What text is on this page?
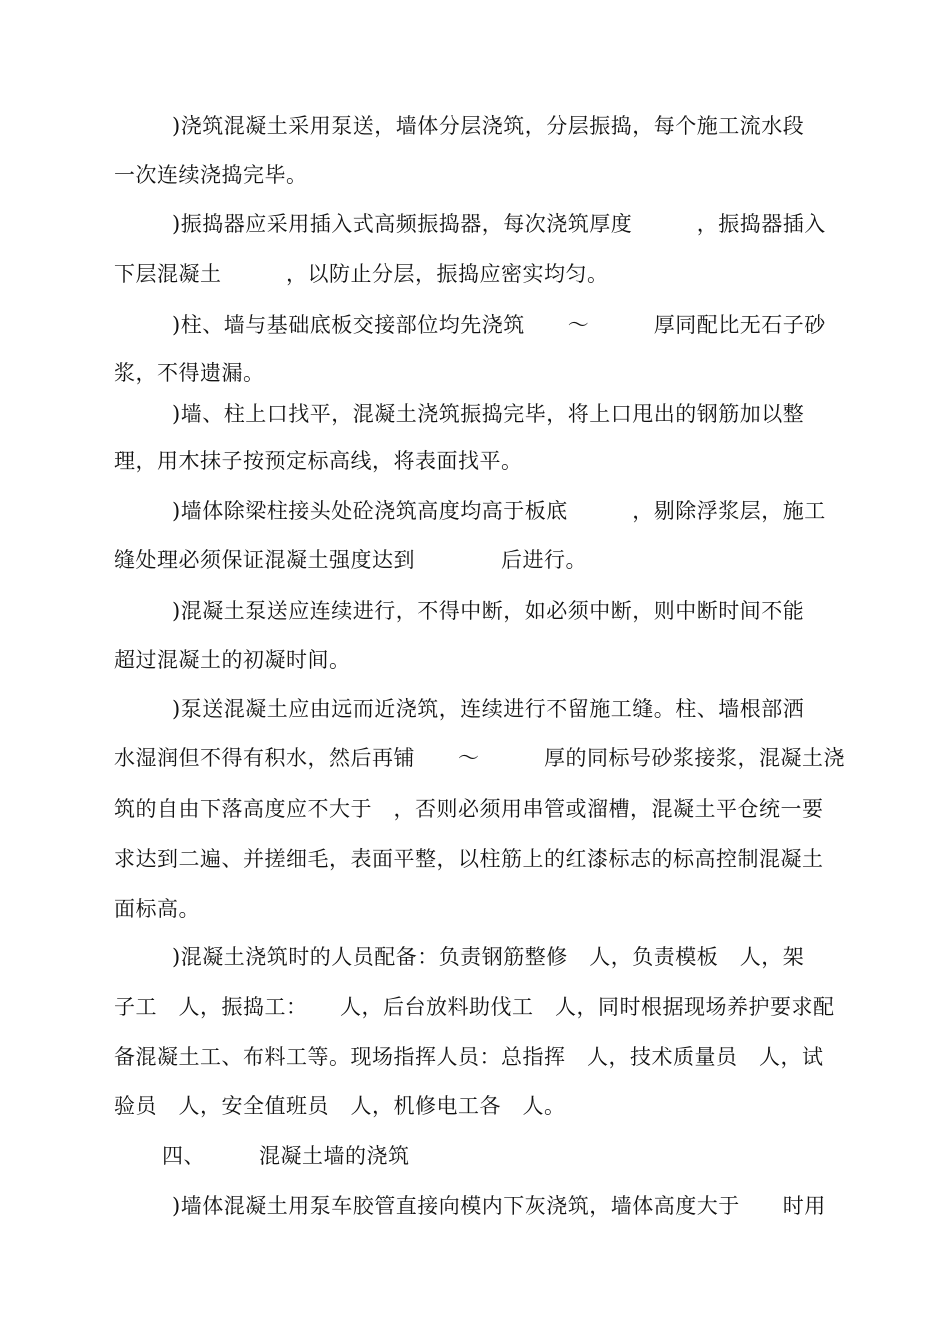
)浇筑混凝土采用泵送，墙体分层浇筑，分层振捣，每个施工流水段
一次连续浇捣完毕。
)振捣器应采用插入式高频振捣器，每次浇筑厚度　　　，振捣器插入
下层混凝土　　　，以防止分层，振捣应密实均匀。
)柱、墙与基础底板交接部位均先浇筑　　～　　　厚同配比无石子砂
浆，不得遗漏。
)墙、柱上口找平，混凝土浇筑振捣完毕，将上口甩出的钢筋加以整
理，用木抹子按预定标高线，将表面找平。
)墙体除梁柱接头处砼浇筑高度均高于板底　　　，剔除浮浆层，施工
缝处理必须保证混凝土强度达到　　　　后进行。
)混凝土泵送应连续进行，不得中断，如必须中断，则中断时间不能
超过混凝土的初凝时间。
)泵送混凝土应由远而近浇筑，连续进行不留施工缝。柱、墙根部洒
水湿润但不得有积水，然后再铺　　～　　　厚的同标号砂浆接浆，混凝土浇
筑的自由下落高度应不大于　，否则必须用串管或溜槽，混凝土平仓统一要
求达到二遍、并搓细毛，表面平整，以柱筋上的红漆标志的标高控制混凝土
面标高。
)混凝土浇筑时的人员配备：负责钢筋整修　人，负责模板　人，架
子工　人，振捣工：　　人，后台放料助伐工　人，同时根据现场养护要求配
备混凝土工、布料工等。现场指挥人员：总指挥　人，技术质量员　人，试
验员　人，安全值班员　人，机修电工各　人。
四、　　　混凝土墙的浇筑
)墙体混凝土用泵车胶管直接向模内下灰浇筑，墙体高度大于　　时用
